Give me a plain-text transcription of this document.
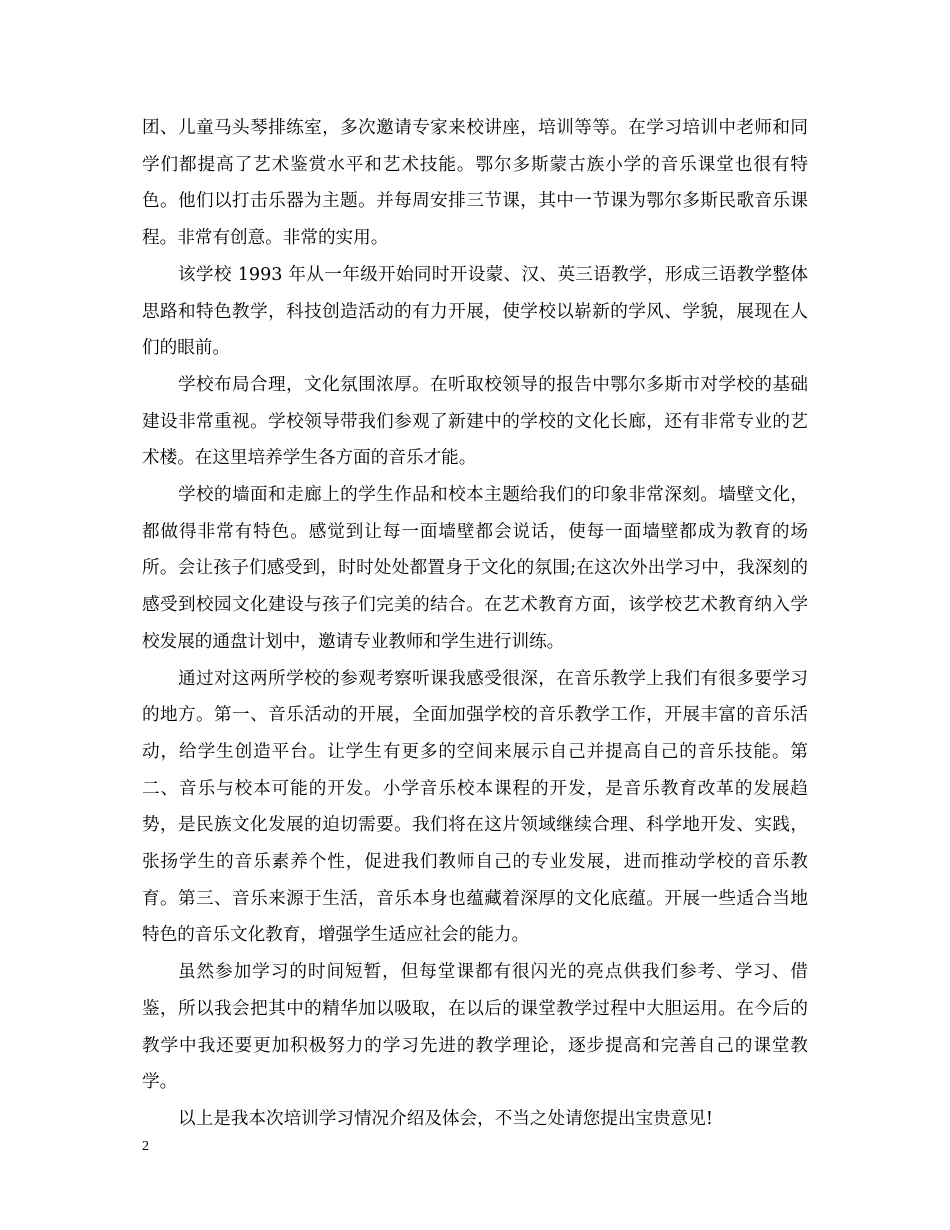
团、儿童马头琴排练室，多次邀请专家来校讲座，培训等等。在学习培训中老师和同学们都提高了艺术鉴赏水平和艺术技能。鄂尔多斯蒙古族小学的音乐课堂也很有特色。他们以打击乐器为主题。并每周安排三节课，其中一节课为鄂尔多斯民歌音乐课程。非常有创意。非常的实用。

该学校 1993 年从一年级开始同时开设蒙、汉、英三语教学，形成三语教学整体思路和特色教学，科技创造活动的有力开展，使学校以崭新的学风、学貌，展现在人们的眼前。

学校布局合理，文化氛围浓厚。在听取校领导的报告中鄂尔多斯市对学校的基础建设非常重视。学校领导带我们参观了新建中的学校的文化长廊，还有非常专业的艺术楼。在这里培养学生各方面的音乐才能。

学校的墙面和走廊上的学生作品和校本主题给我们的印象非常深刻。墙壁文化，都做得非常有特色。感觉到让每一面墙壁都会说话，使每一面墙壁都成为教育的场所。会让孩子们感受到，时时处处都置身于文化的氛围;在这次外出学习中，我深刻的感受到校园文化建设与孩子们完美的结合。在艺术教育方面，该学校艺术教育纳入学校发展的通盘计划中，邀请专业教师和学生进行训练。

通过对这两所学校的参观考察听课我感受很深，在音乐教学上我们有很多要学习的地方。第一、音乐活动的开展，全面加强学校的音乐教学工作，开展丰富的音乐活动，给学生创造平台。让学生有更多的空间来展示自己并提高自己的音乐技能。第二、音乐与校本可能的开发。小学音乐校本课程的开发，是音乐教育改革的发展趋势，是民族文化发展的迫切需要。我们将在这片领域继续合理、科学地开发、实践，张扬学生的音乐素养个性，促进我们教师自己的专业发展，进而推动学校的音乐教育。第三、音乐来源于生活，音乐本身也蕴藏着深厚的文化底蕴。开展一些适合当地特色的音乐文化教育，增强学生适应社会的能力。

虽然参加学习的时间短暂，但每堂课都有很闪光的亮点供我们参考、学习、借鉴，所以我会把其中的精华加以吸取，在以后的课堂教学过程中大胆运用。在今后的教学中我还要更加积极努力的学习先进的教学理论，逐步提高和完善自己的课堂教学。

以上是我本次培训学习情况介绍及体会，不当之处请您提出宝贵意见!

2
